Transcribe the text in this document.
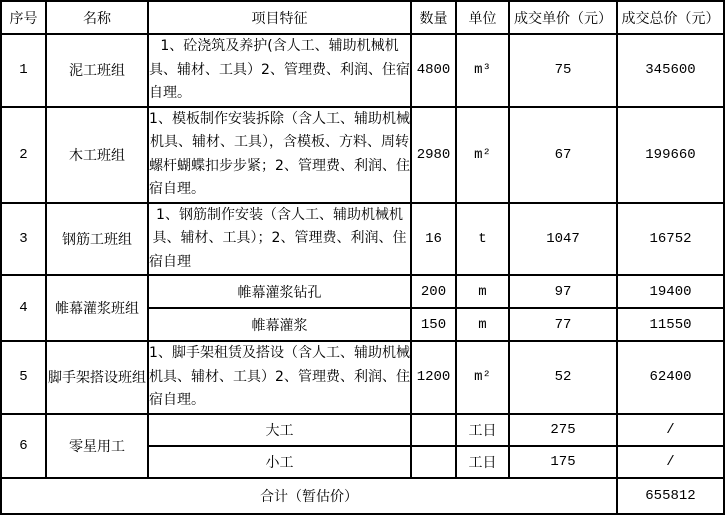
序号	名称	项目特征	数量	单位	成交单价（元）	成交总价（元）
1	泥工班组	1、砼浇筑及养护(含人工、辅助机械机具、辅材、工具）2、管理费、利润、住宿自理。	4800	m³	75	345600
2	木工班组	1、模板制作安装拆除（含人工、辅助机械机具、辅材、工具），含模板、方料、周转螺杆蝴蝶扣步步紧；2、管理费、利润、住宿自理。	2980	m²	67	199660
3	钢筋工班组	1、钢筋制作安装（含人工、辅助机械机具、辅材、工具）；2、管理费、利润、住宿自理	16	t	1047	16752
4	帷幕灌浆班组	帷幕灌浆钻孔	200	m	97	19400
		帷幕灌浆	150	m	77	11550
5	脚手架搭设班组	1、脚手架租赁及搭设（含人工、辅助机械机具、辅材、工具）2、管理费、利润、住宿自理。	1200	m²	52	62400
6	零星用工	大工		工日	275	/
		小工		工日	175	/
合计（暂估价）						655812
